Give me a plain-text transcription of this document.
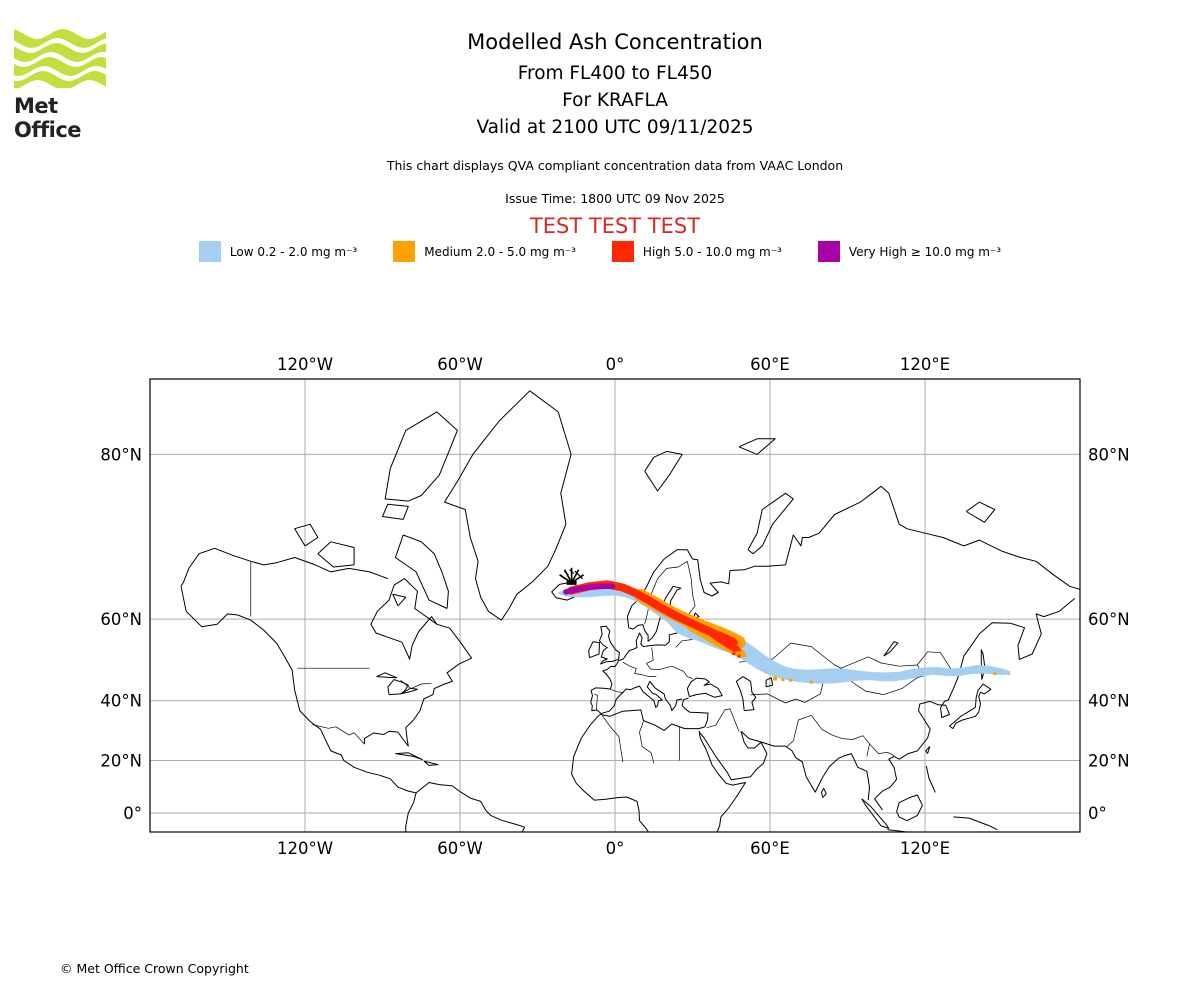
Met Office
Modelled Ash Concentration
From FL400 to FL450
For KRAFLA
Valid at 2100 UTC 09/11/2025
This chart displays QVA compliant concentration data from VAAC London
Issue Time: 1800 UTC 09 Nov 2025
TEST TEST TEST
Low 0.2 - 2.0 mg m⁻³	Medium 2.0 - 5.0 mg m⁻³	High 5.0 - 10.0 mg m⁻³	Very High ≥ 10.0 mg m⁻³
120°W
120°W
60°W
60°W
0°
0°
60°E
60°E
120°E
120°E
80°N	80°N
60°N	60°N
40°N	40°N
20°N	20°N
0°	0°
© Met Office Crown Copyright
